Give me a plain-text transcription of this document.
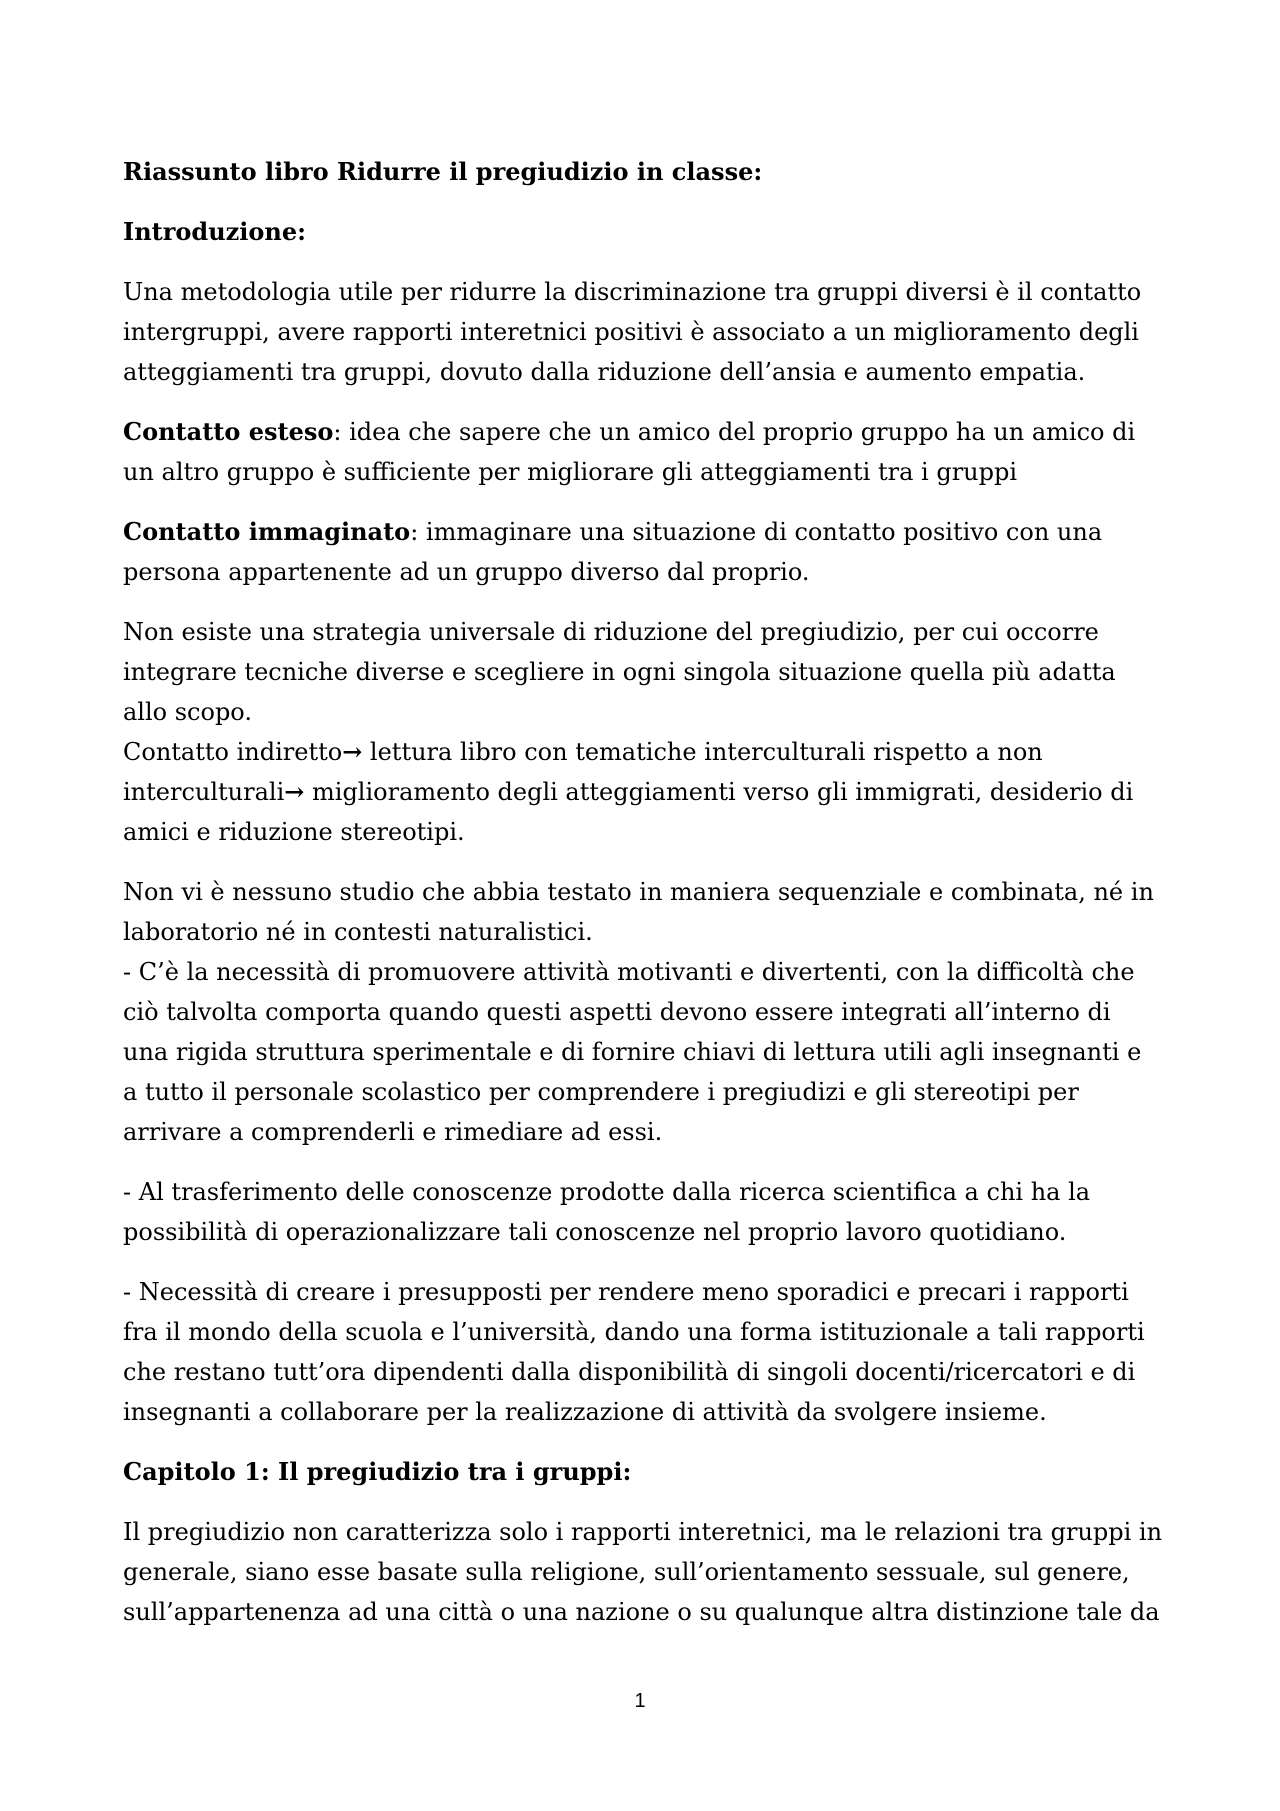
Riassunto libro Ridurre il pregiudizio in classe:
Introduzione:

Una metodologia utile per ridurre la discriminazione tra gruppi diversi è il contatto intergruppi, avere rapporti interetnici positivi è associato a un miglioramento degli atteggiamenti tra gruppi, dovuto dalla riduzione dell’ansia e aumento empatia.

Contatto esteso: idea che sapere che un amico del proprio gruppo ha un amico di un altro gruppo è sufficiente per migliorare gli atteggiamenti tra i gruppi

Contatto immaginato: immaginare una situazione di contatto positivo con una persona appartenente ad un gruppo diverso dal proprio.

Non esiste una strategia universale di riduzione del pregiudizio, per cui occorre integrare tecniche diverse e scegliere in ogni singola situazione quella più adatta allo scopo.

Contatto indiretto→ lettura libro con tematiche interculturali rispetto a non interculturali→ miglioramento degli atteggiamenti verso gli immigrati, desiderio di amici e riduzione stereotipi.

Non vi è nessuno studio che abbia testato in maniera sequenziale e combinata, né in laboratorio né in contesti naturalistici.

- C’è la necessità di promuovere attività motivanti e divertenti, con la difficoltà che ciò talvolta comporta quando questi aspetti devono essere integrati all’interno di una rigida struttura sperimentale e di fornire chiavi di lettura utili agli insegnanti e a tutto il personale scolastico per comprendere i pregiudizi e gli stereotipi per arrivare a comprenderli e rimediare ad essi.

- Al trasferimento delle conoscenze prodotte dalla ricerca scientifica a chi ha la possibilità di operazionalizzare tali conoscenze nel proprio lavoro quotidiano.

- Necessità di creare i presupposti per rendere meno sporadici e precari i rapporti fra il mondo della scuola e l’università, dando una forma istituzionale a tali rapporti che restano tutt’ora dipendenti dalla disponibilità di singoli docenti/ricercatori e di insegnanti a collaborare per la realizzazione di attività da svolgere insieme.

Capitolo 1: Il pregiudizio tra i gruppi:

Il pregiudizio non caratterizza solo i rapporti interetnici, ma le relazioni tra gruppi in generale, siano esse basate sulla religione, sull’orientamento sessuale, sul genere, sull’appartenenza ad una città o una nazione o su qualunque altra distinzione tale da

1
